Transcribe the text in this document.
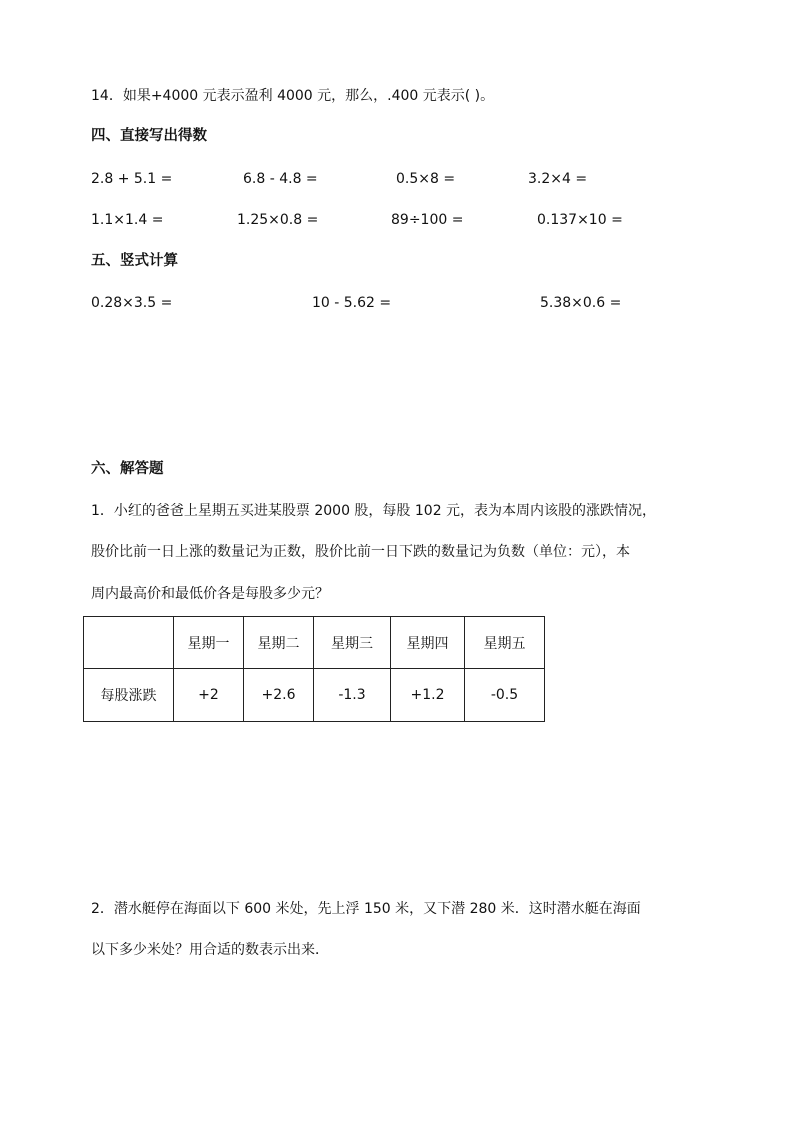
14．如果+4000 元表示盈利 4000 元，那么，.400 元表示( )。
四、直接写出得数
2.8 + 5.1 =	6.8 - 4.8 =	0.5×8 =	3.2×4 =
1.1×1.4 =	1.25×0.8 =	89÷100 =	0.137×10 =
五、竖式计算
0.28×3.5 =	10 - 5.62 =	5.38×0.6 =
六、解答题
1．小红的爸爸上星期五买进某股票 2000 股，每股 102 元，表为本周内该股的涨跌情况，
股价比前一日上涨的数量记为正数，股价比前一日下跌的数量记为负数（单位：元），本
周内最高价和最低价各是每股多少元？
	星期一	星期二	星期三	星期四	星期五
每股涨跌	+2	+2.6	-1.3	+1.2	-0.5
2．潜水艇停在海面以下 600 米处，先上浮 150 米，又下潜 280 米．这时潜水艇在海面
以下多少米处？用合适的数表示出来．
